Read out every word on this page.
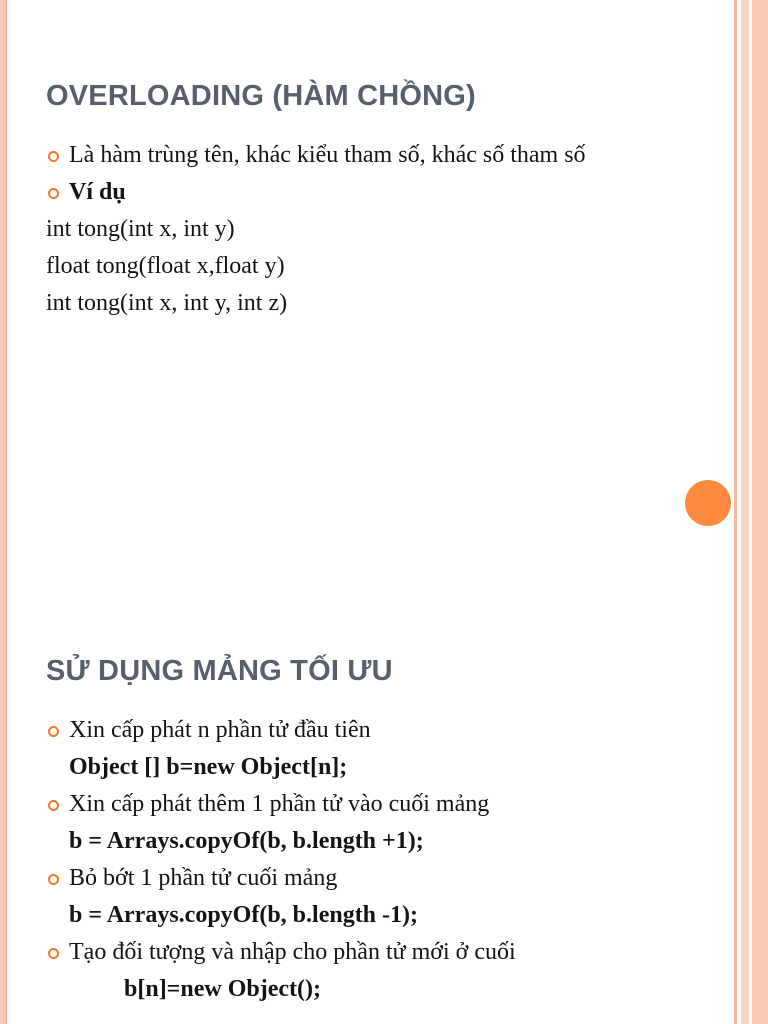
OVERLOADING (HÀM CHỒNG)
Là hàm trùng tên, khác kiểu tham số, khác số tham số
Ví dụ
int tong(int x, int y)
float tong(float x,float y)
int tong(int x, int y, int z)
SỬ DỤNG MẢNG TỐI ƯU
Xin cấp phát n phần tử đầu tiên
Object [] b=new Object[n];
Xin cấp phát thêm 1 phần tử vào cuối mảng
b = Arrays.copyOf(b, b.length +1);
Bỏ bớt 1 phần tử cuối mảng
b = Arrays.copyOf(b, b.length -1);
Tạo đối tượng và nhập cho phần tử mới ở cuối
b[n]=new Object();
